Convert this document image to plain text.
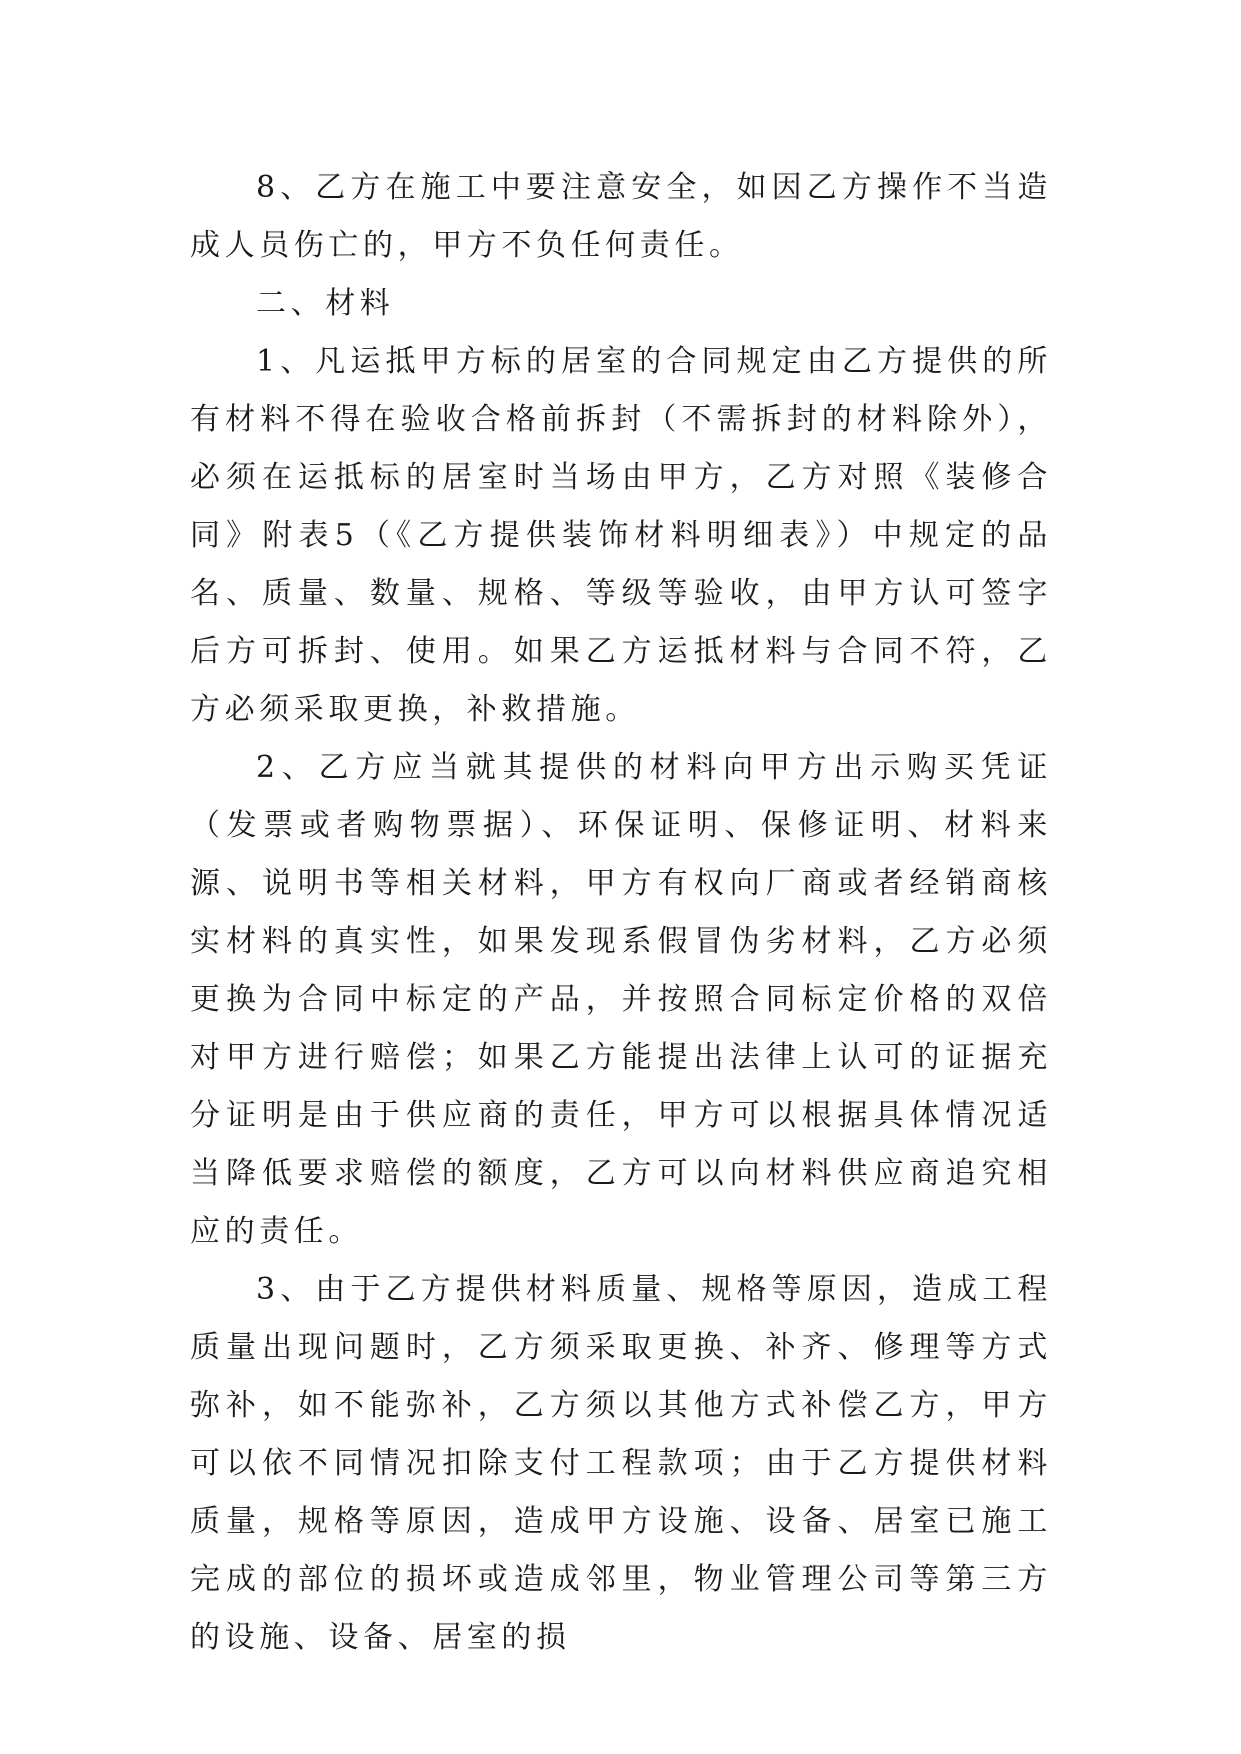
8、乙方在施工中要注意安全，如因乙方操作不当造成人员伤亡的，甲方不负任何责任。

二、材料

1、凡运抵甲方标的居室的合同规定由乙方提供的所有材料不得在验收合格前拆封（不需拆封的材料除外），必须在运抵标的居室时当场由甲方，乙方对照《装修合同》附表5（《乙方提供装饰材料明细表》）中规定的品名、质量、数量、规格、等级等验收，由甲方认可签字后方可拆封、使用。如果乙方运抵材料与合同不符，乙方必须采取更换，补救措施。

2、乙方应当就其提供的材料向甲方出示购买凭证（发票或者购物票据）、环保证明、保修证明、材料来源、说明书等相关材料，甲方有权向厂商或者经销商核实材料的真实性，如果发现系假冒伪劣材料，乙方必须更换为合同中标定的产品，并按照合同标定价格的双倍对甲方进行赔偿；如果乙方能提出法律上认可的证据充分证明是由于供应商的责任，甲方可以根据具体情况适当降低要求赔偿的额度，乙方可以向材料供应商追究相应的责任。

3、由于乙方提供材料质量、规格等原因，造成工程质量出现问题时，乙方须采取更换、补齐、修理等方式弥补，如不能弥补，乙方须以其他方式补偿乙方，甲方可以依不同情况扣除支付工程款项；由于乙方提供材料质量，规格等原因，造成甲方设施、设备、居室已施工完成的部位的损坏或造成邻里，物业管理公司等第三方的设施、设备、居室的损
